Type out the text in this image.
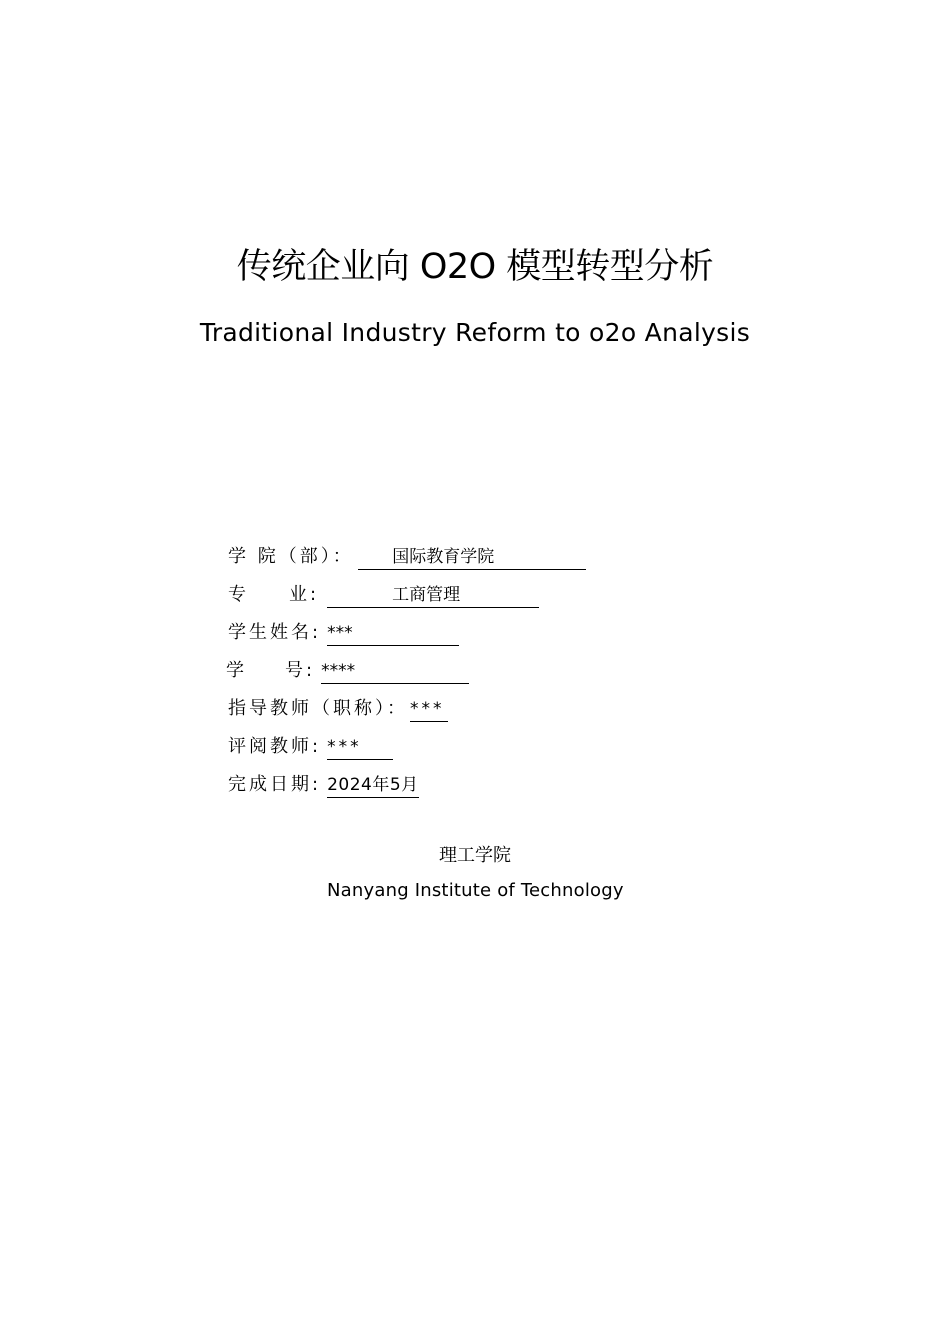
传统企业向 O2O 模型转型分析
Traditional Industry Reform to o2o Analysis
学 院（部）：	国际教育学院
专 业:	工商管理
学生姓名: ***
学 号: ****
指导教师（职称）： ***
评阅教师: ***
完成日期: 2024年5月
理工学院
Nanyang Institute of Technology
